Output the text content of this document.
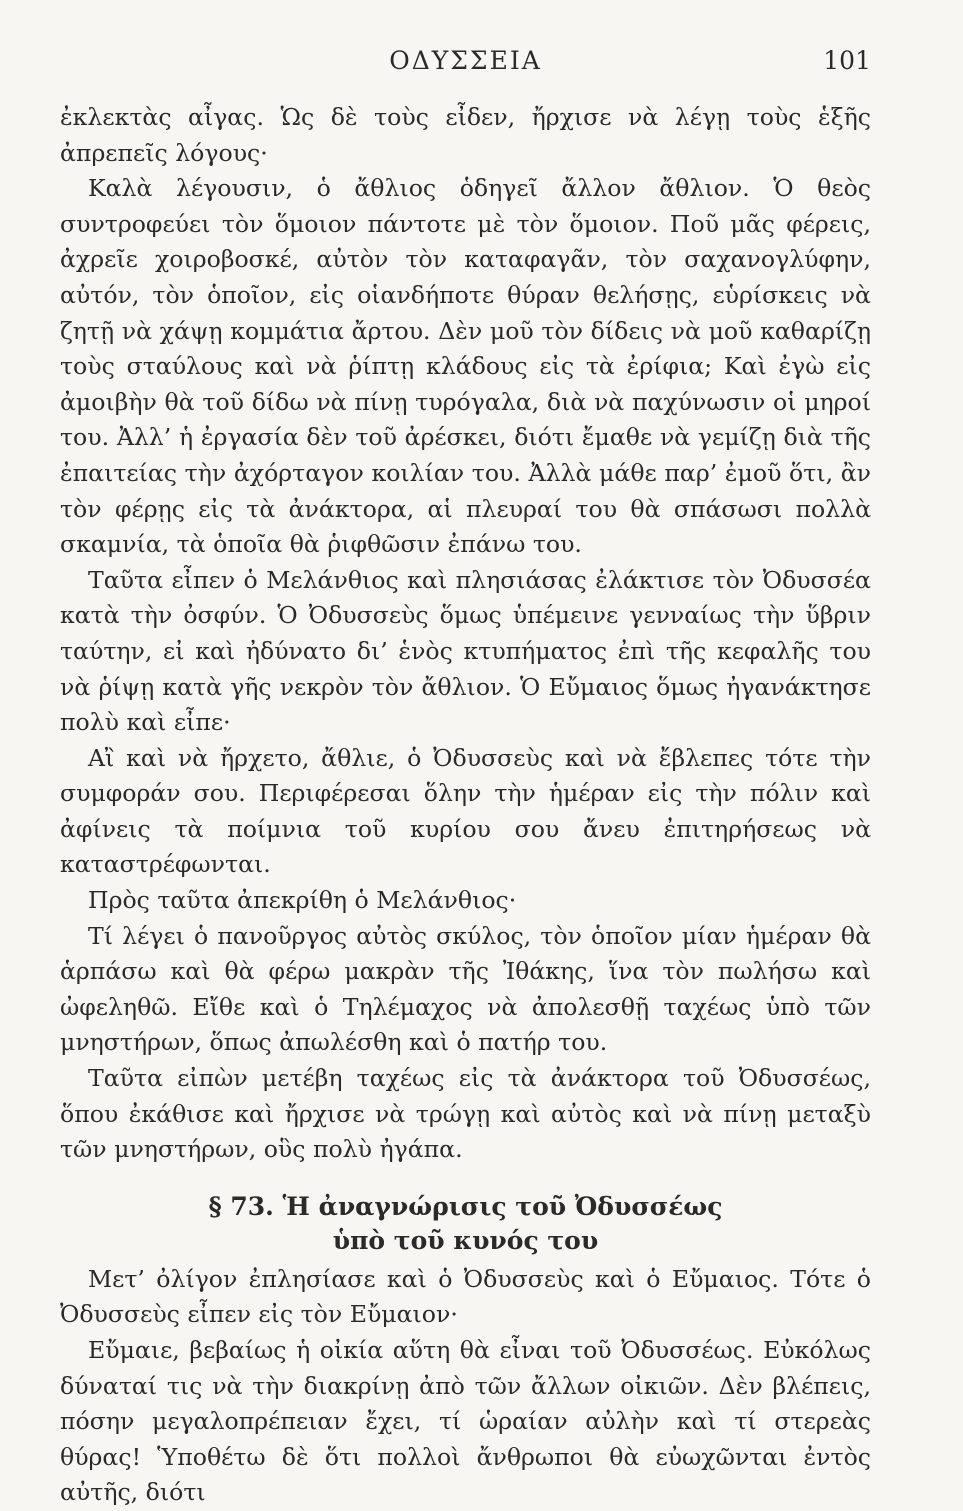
ΟΔΥΣΣΕΙΑ	101

ἐκλεκτὰς αἶγας. Ὡς δὲ τοὺς εἶδεν, ἤρχισε νὰ λέγῃ τοὺς ἑξῆς ἀπρεπεῖς λόγους·

Καλὰ λέγουσιν, ὁ ἄθλιος ὁδηγεῖ ἄλλον ἄθλιον. Ὁ θεὸς συντροφεύει τὸν ὅμοιον πάντοτε μὲ τὸν ὅμοιον. Ποῦ μᾶς φέρεις, ἀχρεῖε χοιροβοσκέ, αὐτὸν τὸν καταφαγᾶν, τὸν σαχανογλύφην, αὐτόν, τὸν ὁποῖον, εἰς οἱανδήποτε θύραν θελήσῃς, εὑρίσκεις νὰ ζητῇ νὰ χάψῃ κομμάτια ἄρτου. Δὲν μοῦ τὸν δίδεις νὰ μοῦ καθαρίζῃ τοὺς σταύλους καὶ νὰ ῥίπτῃ κλάδους εἰς τὰ ἐρίφια; Καὶ ἐγὼ εἰς ἀμοιβὴν θὰ τοῦ δίδω νὰ πίνῃ τυρόγαλα, διὰ νὰ παχύνωσιν οἱ μηροί του. Ἀλλ’ ἡ ἐργασία δὲν τοῦ ἀρέσκει, διότι ἔμαθε νὰ γεμίζῃ διὰ τῆς ἐπαιτείας τὴν ἀχόρταγον κοιλίαν του. Ἀλλὰ μάθε παρ’ ἐμοῦ ὅτι, ἂν τὸν φέρῃς εἰς τὰ ἀνάκτορα, αἱ πλευραί του θὰ σπάσωσι πολλὰ σκαμνία, τὰ ὁποῖα θὰ ῥιφθῶσιν ἐπάνω του.

Ταῦτα εἶπεν ὁ Μελάνθιος καὶ πλησιάσας ἐλάκτισε τὸν Ὀδυσσέα κατὰ τὴν ὀσφύν. Ὁ Ὀδυσσεὺς ὅμως ὑπέμεινε γενναίως τὴν ὕβριν ταύτην, εἰ καὶ ἠδύνατο δι’ ἑνὸς κτυπήματος ἐπὶ τῆς κεφαλῆς του νὰ ῥίψῃ κατὰ γῆς νεκρὸν τὸν ἄθλιον. Ὁ Εὔμαιος ὅμως ἠγανάκτησε πολὺ καὶ εἶπε·

Αἲ καὶ νὰ ἤρχετο, ἄθλιε, ὁ Ὀδυσσεὺς καὶ νὰ ἔβλεπες τότε τὴν συμφοράν σου. Περιφέρεσαι ὅλην τὴν ἡμέραν εἰς τὴν πόλιν καὶ ἀφίνεις τὰ ποίμνια τοῦ κυρίου σου ἄνευ ἐπιτηρήσεως νὰ καταστρέφωνται.

Πρὸς ταῦτα ἀπεκρίθη ὁ Μελάνθιος·

Τί λέγει ὁ πανοῦργος αὐτὸς σκύλος, τὸν ὁποῖον μίαν ἡμέραν θὰ ἁρπάσω καὶ θὰ φέρω μακρὰν τῆς Ἰθάκης, ἵνα τὸν πωλήσω καὶ ὠφεληθῶ. Εἴθε καὶ ὁ Τηλέμαχος νὰ ἀπολεσθῇ ταχέως ὑπὸ τῶν μνηστήρων, ὅπως ἀπωλέσθη καὶ ὁ πατήρ του.

Ταῦτα εἰπὼν μετέβη ταχέως εἰς τὰ ἀνάκτορα τοῦ Ὀδυσσέως, ὅπου ἐκάθισε καὶ ἤρχισε νὰ τρώγῃ καὶ αὐτὸς καὶ νὰ πίνῃ μεταξὺ τῶν μνηστήρων, οὓς πολὺ ἠγάπα.

§ 73. Ἡ ἀναγνώρισις τοῦ Ὀδυσσέως
ὑπὸ τοῦ κυνός του

Μετ’ ὀλίγον ἐπλησίασε καὶ ὁ Ὀδυσσεὺς καὶ ὁ Εὔμαιος. Τότε ὁ Ὀδυσσεὺς εἶπεν εἰς τὸν Εὔμαιον·

Εὔμαιε, βεβαίως ἡ οἰκία αὕτη θὰ εἶναι τοῦ Ὀδυσσέως. Εὐκόλως δύναταί τις νὰ τὴν διακρίνῃ ἀπὸ τῶν ἄλλων οἰκιῶν. Δὲν βλέπεις, πόσην μεγαλοπρέπειαν ἔχει, τί ὡραίαν αὐλὴν καὶ τί στερεὰς θύρας! Ὑποθέτω δὲ ὅτι πολλοὶ ἄνθρωποι θὰ εὐωχῶνται ἐντὸς αὐτῆς, διότι
